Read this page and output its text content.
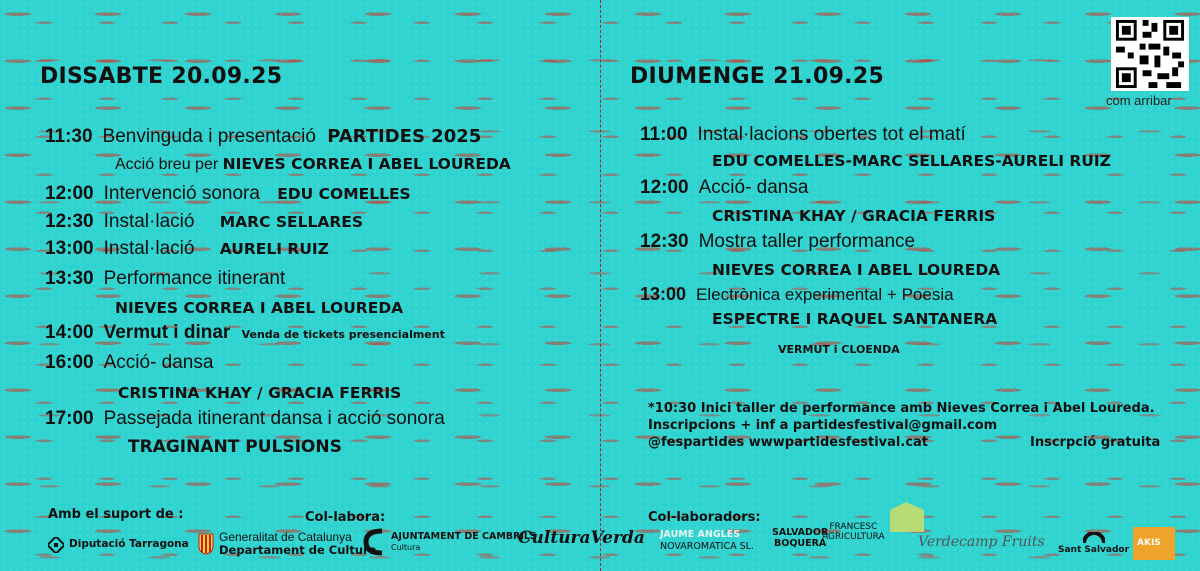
DISSABTE 20.09.25
11:30 Benvinguda i presentació PARTIDES 2025
Acció breu per NIEVES CORREA I ABEL LOUREDA
12:00 Intervenció sonora EDU COMELLES
12:30 Instal·lació MARC SELLARES
13:00 Instal·lació AURELI RUIZ
13:30 Performance itinerant
NIEVES CORREA I ABEL LOUREDA
14:00 Vermut i dinar Venda de tickets presencialment
16:00 Acció- dansa
CRISTINA KHAY / GRACIA FERRIS
17:00 Passejada itinerant dansa i acció sonora
TRAGINANT PULSIONS
DIUMENGE 21.09.25
11:00 Instal·lacions obertes tot el matí
EDU COMELLES-MARC SELLARES-AURELI RUIZ
12:00 Acció- dansa
CRISTINA KHAY / GRACIA FERRIS
12:30 Mostra taller performance
NIEVES CORREA I ABEL LOUREDA
13:00 Electrònica experimental + Poesia
ESPECTRE I RAQUEL SANTANERA
VERMUT i CLOENDA
*10:30 Inici taller de performance amb Nieves Correa i Abel Loureda.
Inscripcions + inf a partidesfestival@gmail.com
@fespartides wwwpartidesfestival.cat	Inscrpció gratuita
com arribar
Amb el suport de :	Col-labora:	Col-laboradors:
Diputació Tarragona
Generalitat de Catalunya
Departament de Cultura
AJUNTAMENT DE CAMBRILS
Cultura	CulturaVerda JAUME ANGLES
NOVAROMATICA SL.
SALVADOR
BOQUERA
FRANCESC
AGRICULTURA Verdecamp Fruits Sant Salvador
AKIS
